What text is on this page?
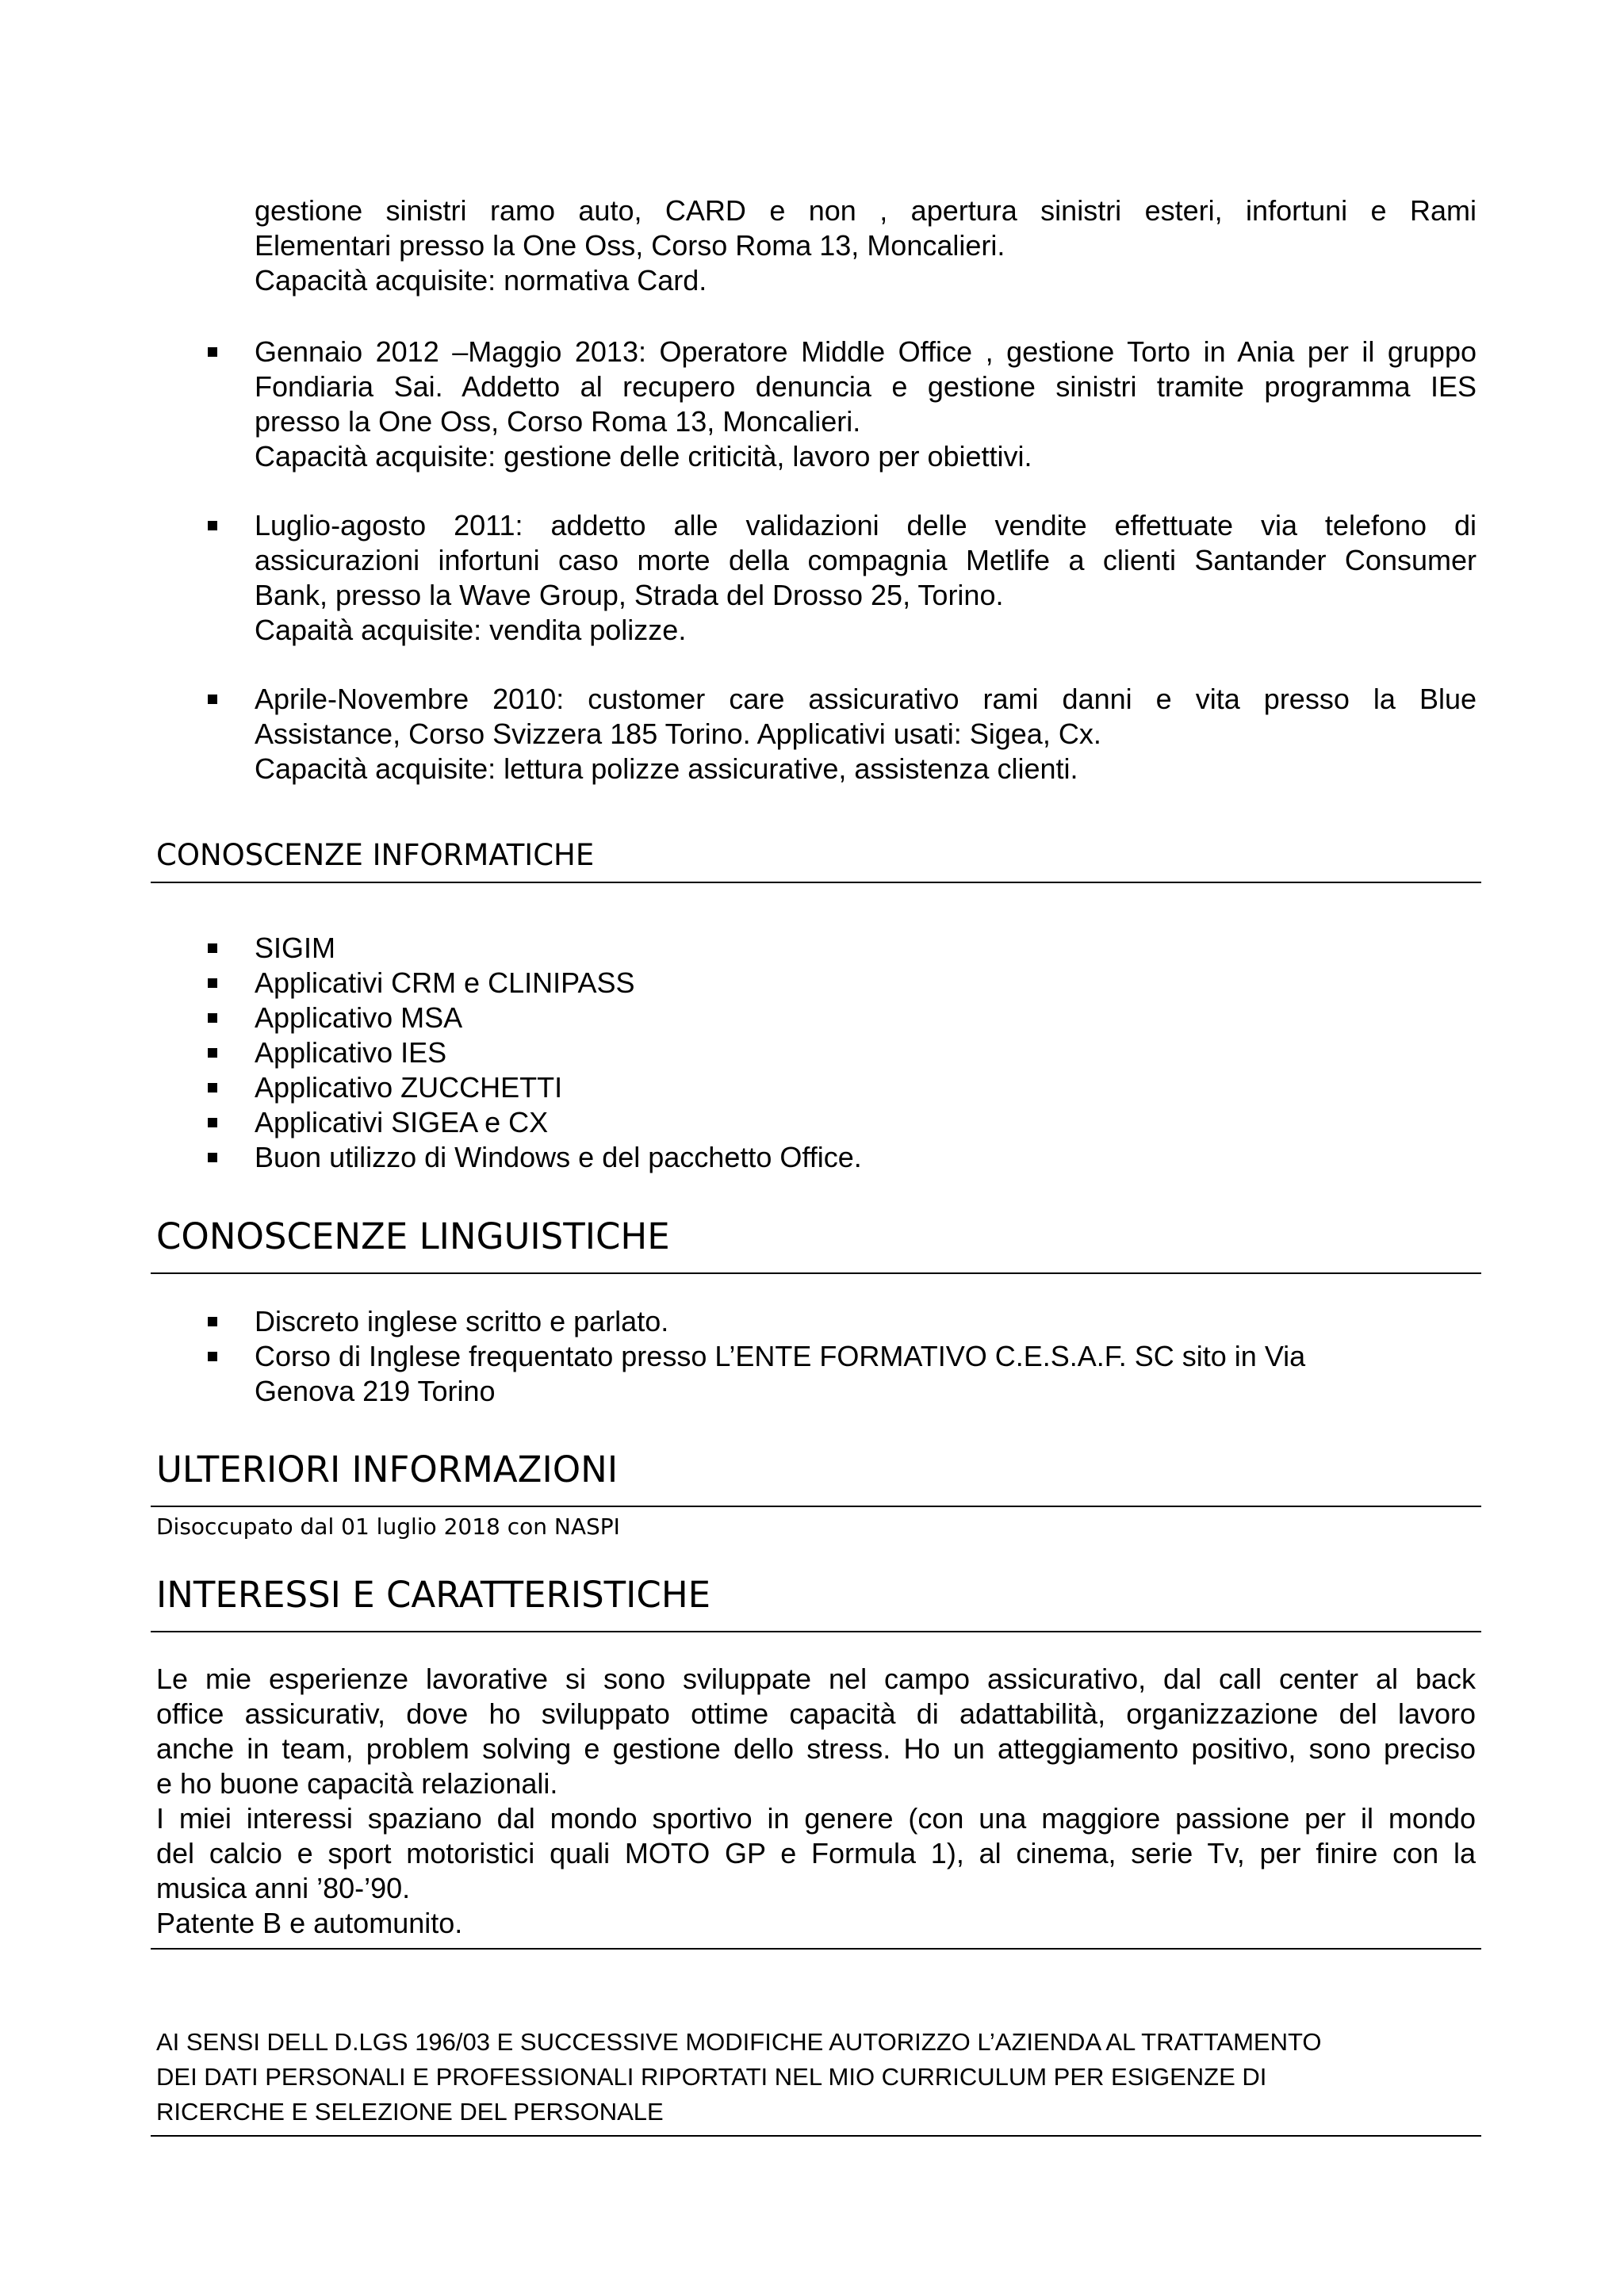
gestione sinistri ramo auto, CARD e non , apertura sinistri esteri, infortuni e Rami
Elementari presso la One Oss, Corso Roma 13, Moncalieri.
Capacità acquisite: normativa Card.
Gennaio 2012 –Maggio 2013: Operatore Middle Office , gestione Torto in Ania per il gruppo
Fondiaria Sai. Addetto al recupero denuncia e gestione sinistri tramite programma IES
presso la One Oss, Corso Roma 13, Moncalieri.
Capacità acquisite: gestione delle criticità, lavoro per obiettivi.
Luglio-agosto 2011: addetto alle validazioni delle vendite effettuate via telefono di
assicurazioni infortuni caso morte della compagnia Metlife a clienti Santander Consumer
Bank, presso la Wave Group, Strada del Drosso 25, Torino.
Capaità acquisite: vendita polizze.
Aprile-Novembre 2010: customer care assicurativo rami danni e vita presso la Blue
Assistance, Corso Svizzera 185 Torino. Applicativi usati: Sigea, Cx.
Capacità acquisite: lettura polizze assicurative, assistenza clienti.
CONOSCENZE INFORMATICHE
SIGIM
Applicativi CRM e CLINIPASS
Applicativo MSA
Applicativo IES
Applicativo ZUCCHETTI
Applicativi SIGEA e CX
Buon utilizzo di Windows e del pacchetto Office.
CONOSCENZE LINGUISTICHE
Discreto inglese scritto e parlato.
Corso di Inglese frequentato presso L’ENTE FORMATIVO C.E.S.A.F. SC sito in Via
Genova 219 Torino
ULTERIORI INFORMAZIONI
Disoccupato dal 01 luglio 2018 con NASPI
INTERESSI E CARATTERISTICHE
Le mie esperienze lavorative si sono sviluppate nel campo assicurativo, dal call center al back
office assicurativ, dove ho sviluppato ottime capacità di adattabilità, organizzazione del lavoro
anche in team, problem solving e gestione dello stress. Ho un atteggiamento positivo, sono preciso
e ho buone capacità relazionali.
I miei interessi spaziano dal mondo sportivo in genere (con una maggiore passione per il mondo
del calcio e sport motoristici quali MOTO GP e Formula 1), al cinema, serie Tv, per finire con la
musica anni ’80-’90.
Patente B e automunito.
AI SENSI DELL D.LGS 196/03 E SUCCESSIVE MODIFICHE AUTORIZZO L’AZIENDA AL TRATTAMENTO
DEI DATI PERSONALI E PROFESSIONALI RIPORTATI NEL MIO CURRICULUM PER ESIGENZE DI
RICERCHE E SELEZIONE DEL PERSONALE
